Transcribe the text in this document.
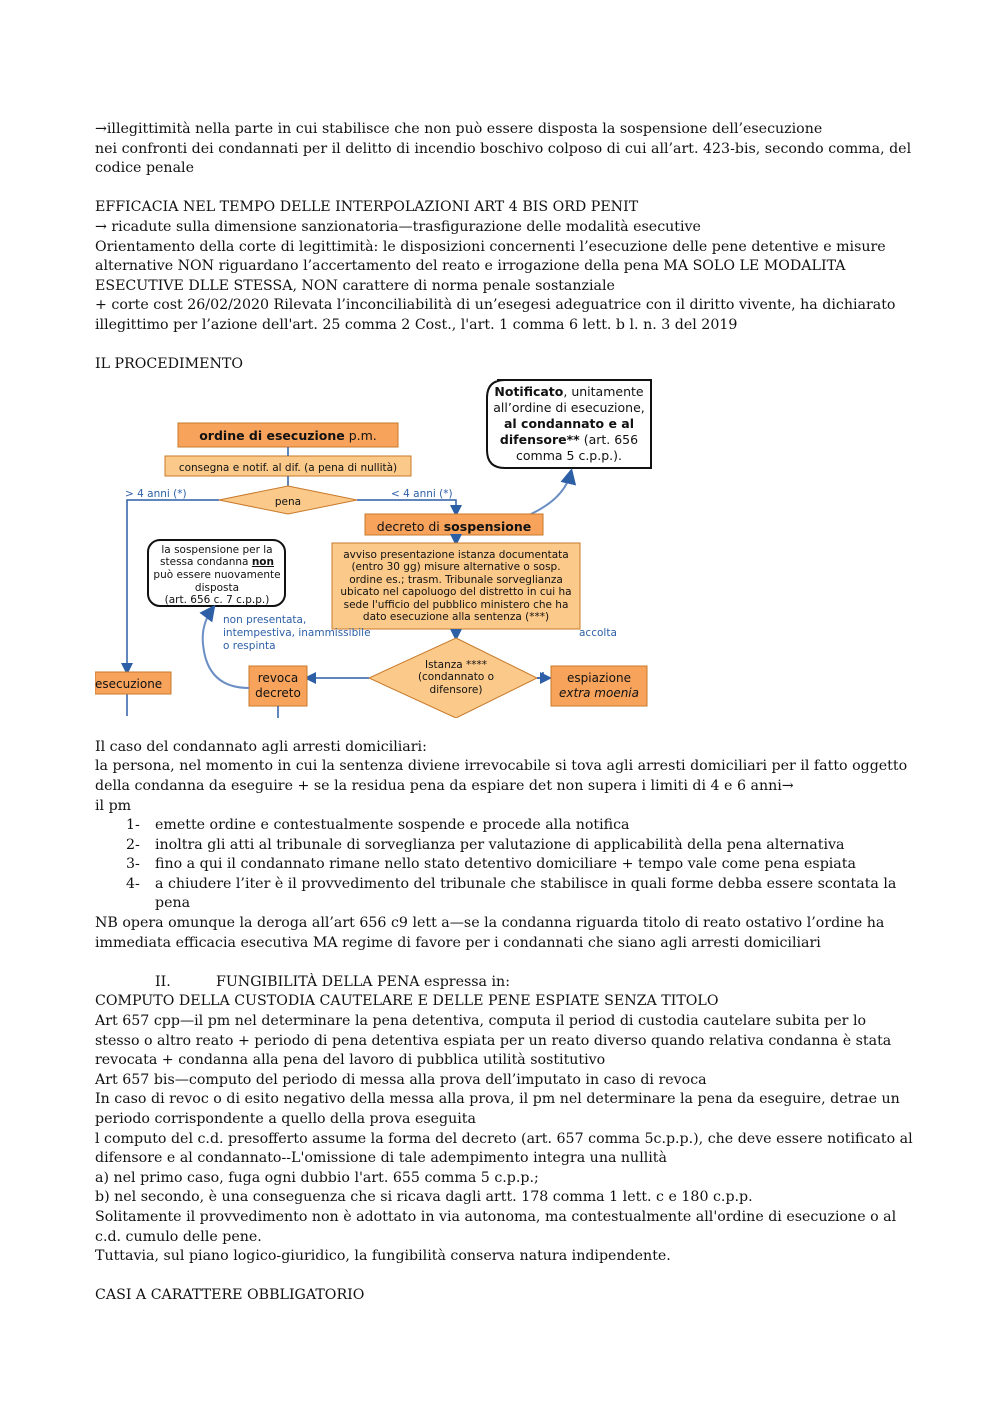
→illegittimità nella parte in cui stabilisce che non può essere disposta la sospensione dell’esecuzione
nei confronti dei condannati per il delitto di incendio boschivo colposo di cui all’art. 423-bis, secondo comma, del codice penale

EFFICACIA NEL TEMPO DELLE INTERPOLAZIONI ART 4 BIS ORD PENIT

→ ricadute sulla dimensione sanzionatoria—trasfigurazione delle modalità esecutive

Orientamento della corte di legittimità: le disposizioni concernenti l’esecuzione delle pene detentive e misure alternative NON riguardano l’accertamento del reato e irrogazione della pena MA SOLO LE MODALITA ESECUTIVE DLLE STESSA, NON carattere di norma penale sostanziale

+ corte cost 26/02/2020 Rilevata l’inconciliabilità di un’esegesi adeguatrice con il diritto vivente, ha dichiarato illegittimo per l’azione dell'art. 25 comma 2 Cost., l'art. 1 comma 6 lett. b l. n. 3 del 2019

IL PROCEDIMENTO

Notificato, unitamente
all’ordine di esecuzione,
al condannato e al
difensore** (art. 656
comma 5 c.p.p.).
ordine di esecuzione p.m.
consegna e notif. al dif. (a pena di nullità)
> 4 anni (*)	< 4 anni (*)
pena
decreto di sospensione
la sospensione per la
stessa condanna non
può essere nuovamente
disposta
(art. 656 c. 7 c.p.p.)
avviso presentazione istanza documentata
(entro 30 gg) misure alternative o sosp.
ordine es.; trasm. Tribunale sorveglianza
ubicato nel capoluogo del distretto in cui ha
sede l'ufficio del pubblico ministero che ha
dato esecuzione alla sentenza (***)
non presentata,
intempestiva, inammissibile
o respinta
accolta
esecuzione	revoca
decreto
Istanza ****
(condannato o
difensore)
espiazione
extra moenia

Il caso del condannato agli arresti domiciliari:

la persona, nel momento in cui la sentenza diviene irrevocabile si tova agli arresti domiciliari per il fatto oggetto della condanna da eseguire + se la residua pena da espiare det non supera i limiti di 4 e 6 anni→

il pm

1- emette ordine e contestualmente sospende e procede alla notifica
2- inoltra gli atti al tribunale di sorveglianza per valutazione di applicabilità della pena alternativa
3- fino a qui il condannato rimane nello stato detentivo domiciliare + tempo vale come pena espiata
4- a chiudere l’iter è il provvedimento del tribunale che stabilisce in quali forme debba essere scontata la pena

NB opera omunque la deroga all’art 656 c9 lett a—se la condanna riguarda titolo di reato ostativo l’ordine ha immediata efficacia esecutiva MA regime di favore per i condannati che siano agli arresti domiciliari

II.	FUNGIBILITÀ DELLA PENA espressa in:

COMPUTO DELLA CUSTODIA CAUTELARE E DELLE PENE ESPIATE SENZA TITOLO

Art 657 cpp—il pm nel determinare la pena detentiva, computa il period di custodia cautelare subita per lo stesso o altro reato + periodo di pena detentiva espiata per un reato diverso quando relativa condanna è stata revocata + condanna alla pena del lavoro di pubblica utilità sostitutivo

Art 657 bis—computo del periodo di messa alla prova dell’imputato in caso di revoca

In caso di revoc o di esito negativo della messa alla prova, il pm nel determinare la pena da eseguire, detrae un periodo corrispondente a quello della prova eseguita

l computo del c.d. presofferto assume la forma del decreto (art. 657 comma 5c.p.p.), che deve essere notificato al difensore e al condannato--L'omissione di tale adempimento integra una nullità

a) nel primo caso, fuga ogni dubbio l'art. 655 comma 5 c.p.p.;

b) nel secondo, è una conseguenza che si ricava dagli artt. 178 comma 1 lett. c e 180 c.p.p.

Solitamente il provvedimento non è adottato in via autonoma, ma contestualmente all'ordine di esecuzione o al c.d. cumulo delle pene.

Tuttavia, sul piano logico-giuridico, la fungibilità conserva natura indipendente.

CASI A CARATTERE OBBLIGATORIO
